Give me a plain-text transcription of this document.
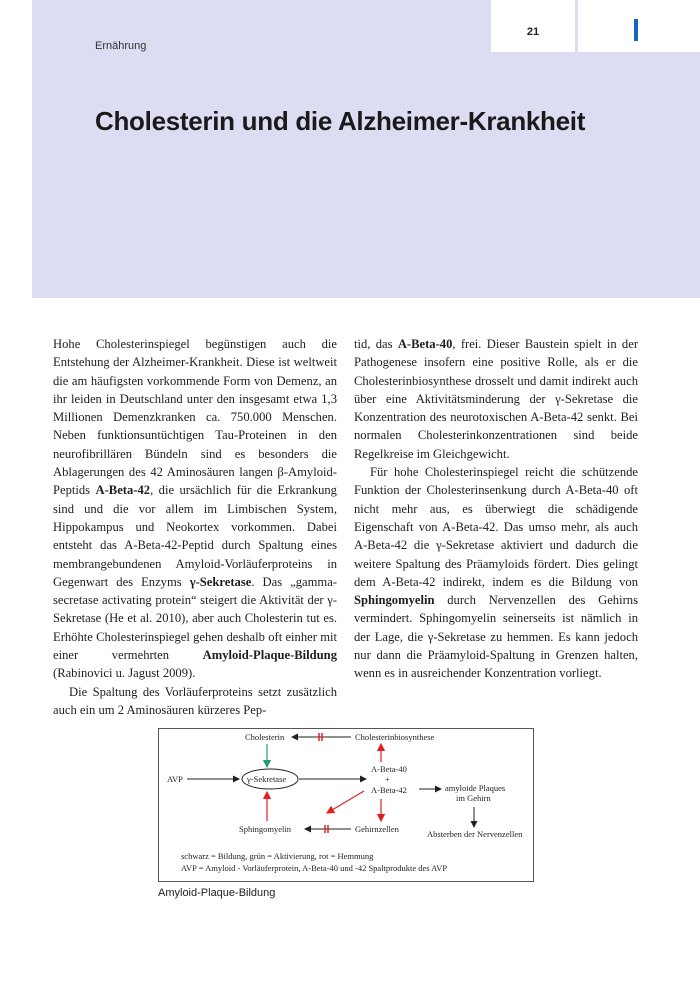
21
Ernährung
Cholesterin und die Alzheimer-Krankheit

Hohe Cholesterinspiegel begünstigen auch die Entstehung der Alzheimer-Krankheit. Diese ist weltweit die am häufigsten vorkommende Form von Demenz, an ihr leiden in Deutschland unter den insgesamt etwa 1,3 Millionen Demenzkranken ca. 750.000 Menschen. Neben funktionsuntüchtigen Tau-Proteinen in den neurofibrillären Bündeln sind es besonders die Ablagerungen des 42 Aminosäuren langen β-Amyloid-Peptids A-Beta-42, die ursächlich für die Erkrankung sind und die vor allem im Limbischen System, Hippokampus und Neokortex vorkommen. Dabei entsteht das A-Beta-42-Peptid durch Spaltung eines membrangebundenen Amyloid-Vorläuferproteins in Gegenwart des Enzyms γ-Sekretase. Das „gamma-secretase activating protein“ steigert die Aktivität der γ-Sekretase (He et al. 2010), aber auch Cholesterin tut es. Erhöhte Cholesterinspiegel gehen deshalb oft einher mit einer vermehrten Amyloid-Plaque-Bildung (Rabinovici u. Jagust 2009).

Die Spaltung des Vorläuferproteins setzt zusätzlich auch ein um 2 Aminosäuren kürzeres Pep-

tid, das A-Beta-40, frei. Dieser Baustein spielt in der Pathogenese insofern eine positive Rolle, als er die Cholesterinbiosynthese drosselt und damit indirekt auch über eine Aktivitätsminderung der γ-Sekretase die Konzentration des neurotoxischen A-Beta-42 senkt. Bei normalen Cholesterinkonzentrationen sind beide Regelkreise im Gleichgewicht.

Für hohe Cholesterinspiegel reicht die schützende Funktion der Cholesterinsenkung durch A-Beta-40 oft nicht mehr aus, es überwiegt die schädigende Eigenschaft von A-Beta-42. Das umso mehr, als auch A-Beta-42 die γ-Sekretase aktiviert und dadurch die weitere Spaltung des Präamyloids fördert. Dies gelingt dem A-Beta-42 indirekt, indem es die Bildung von Sphingomyelin durch Nervenzellen des Gehirns vermindert. Sphingomyelin seinerseits ist nämlich in der Lage, die γ-Sekretase zu hemmen. Es kann jedoch nur dann die Präamyloid-Spaltung in Grenzen halten, wenn es in ausreichender Konzentration vorliegt.

Cholesterin	Cholesterinbiosynthese
AVP	γ-Sekretase
A-Beta-40
+
A-Beta-42	amyloide Plaques
im Gehirn
Sphingomyelin	Gehirnzellen	Absterben der Nervenzellen
schwarz = Bildung, grün = Aktivierung, rot = Hemmung
AVP = Amyloid - Vorläuferprotein, A-Beta-40 und -42 Spaltprodukte des AVP
Amyloid-Plaque-Bildung
